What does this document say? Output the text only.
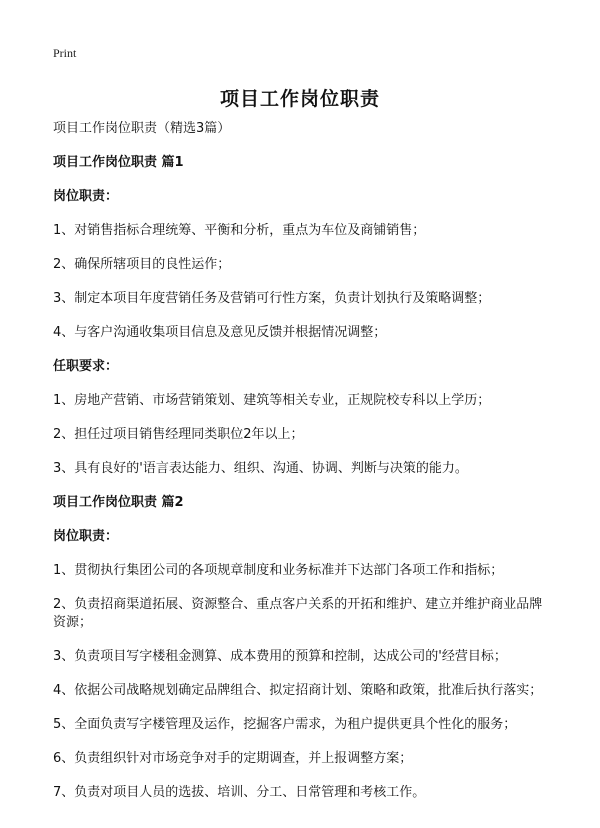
Print
项目工作岗位职责

项目工作岗位职责（精选3篇）

项目工作岗位职责 篇1

岗位职责：

1、对销售指标合理统筹、平衡和分析，重点为车位及商铺销售；

2、确保所辖项目的良性运作；

3、制定本项目年度营销任务及营销可行性方案，负责计划执行及策略调整；

4、与客户沟通收集项目信息及意见反馈并根据情况调整；

任职要求：

1、房地产营销、市场营销策划、建筑等相关专业，正规院校专科以上学历；

2、担任过项目销售经理同类职位2年以上；

3、具有良好的'语言表达能力、组织、沟通、协调、判断与决策的能力。

项目工作岗位职责 篇2

岗位职责：

1、贯彻执行集团公司的各项规章制度和业务标准并下达部门各项工作和指标；

2、负责招商渠道拓展、资源整合、重点客户关系的开拓和维护、建立并维护商业品牌资源；

3、负责项目写字楼租金测算、成本费用的预算和控制，达成公司的'经营目标；

4、依据公司战略规划确定品牌组合、拟定招商计划、策略和政策，批准后执行落实；

5、全面负责写字楼管理及运作，挖掘客户需求，为租户提供更具个性化的服务；

6、负责组织针对市场竞争对手的定期调查，并上报调整方案；

7、负责对项目人员的选拔、培训、分工、日常管理和考核工作。
